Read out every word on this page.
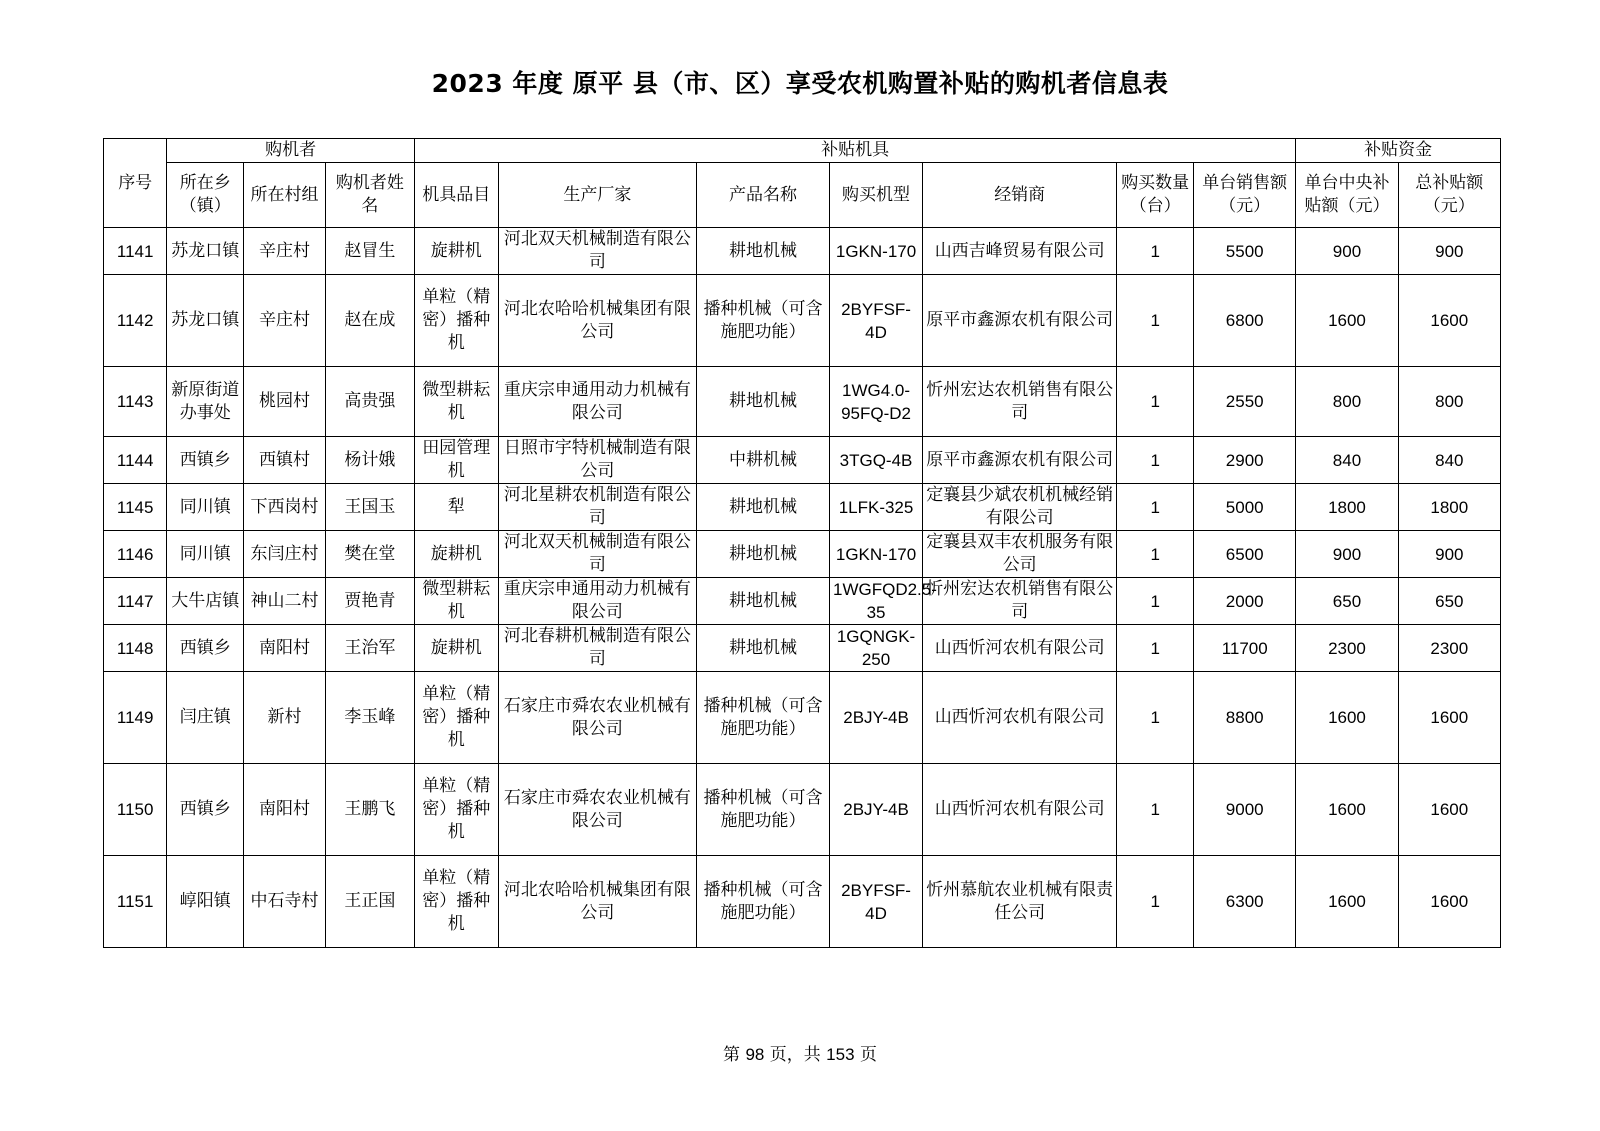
2023 年度 原平 县（市、区）享受农机购置补贴的购机者信息表
序号	购机者			补贴机具							补贴资金	
	所在乡（镇）	所在村组	购机者姓名	机具品目	生产厂家	产品名称	购买机型	经销商	购买数量（台）	单台销售额（元）	单台中央补贴额（元）	总补贴额（元）
1141	苏龙口镇	辛庄村	赵冒生	旋耕机	河北双天机械制造有限公司	耕地机械	1GKN-170	山西吉峰贸易有限公司	1	5500	900	900
1142	苏龙口镇	辛庄村	赵在成	单粒（精密）播种机	河北农哈哈机械集团有限公司	播种机械（可含施肥功能）	2BYFSF-4D	原平市鑫源农机有限公司	1	6800	1600	1600
1143	新原街道办事处	桃园村	高贵强	微型耕耘机	重庆宗申通用动力机械有限公司	耕地机械	1WG4.0-95FQ-D2	忻州宏达农机销售有限公司	1	2550	800	800
1144	西镇乡	西镇村	杨计娥	田园管理机	日照市宇特机械制造有限公司	中耕机械	3TGQ-4B	原平市鑫源农机有限公司	1	2900	840	840
1145	同川镇	下西岗村	王国玉	犁	河北星耕农机制造有限公司	耕地机械	1LFK-325	定襄县少斌农机机械经销有限公司	1	5000	1800	1800
1146	同川镇	东闫庄村	樊在堂	旋耕机	河北双天机械制造有限公司	耕地机械	1GKN-170	定襄县双丰农机服务有限公司	1	6500	900	900
1147	大牛店镇	神山二村	贾艳青	微型耕耘机	重庆宗申通用动力机械有限公司	耕地机械	1WGFQD2.5-35	忻州宏达农机销售有限公司	1	2000	650	650
1148	西镇乡	南阳村	王治军	旋耕机	河北春耕机械制造有限公司	耕地机械	1GQNGK-250	山西忻河农机有限公司	1	11700	2300	2300
1149	闫庄镇	新村	李玉峰	单粒（精密）播种机	石家庄市舜农农业机械有限公司	播种机械（可含施肥功能）	2BJY-4B	山西忻河农机有限公司	1	8800	1600	1600
1150	西镇乡	南阳村	王鹏飞	单粒（精密）播种机	石家庄市舜农农业机械有限公司	播种机械（可含施肥功能）	2BJY-4B	山西忻河农机有限公司	1	9000	1600	1600
1151	崞阳镇	中石寺村	王正国	单粒（精密）播种机	河北农哈哈机械集团有限公司	播种机械（可含施肥功能）	2BYFSF-4D	忻州慕航农业机械有限责任公司	1	6300	1600	1600
第 98 页，共 153 页
